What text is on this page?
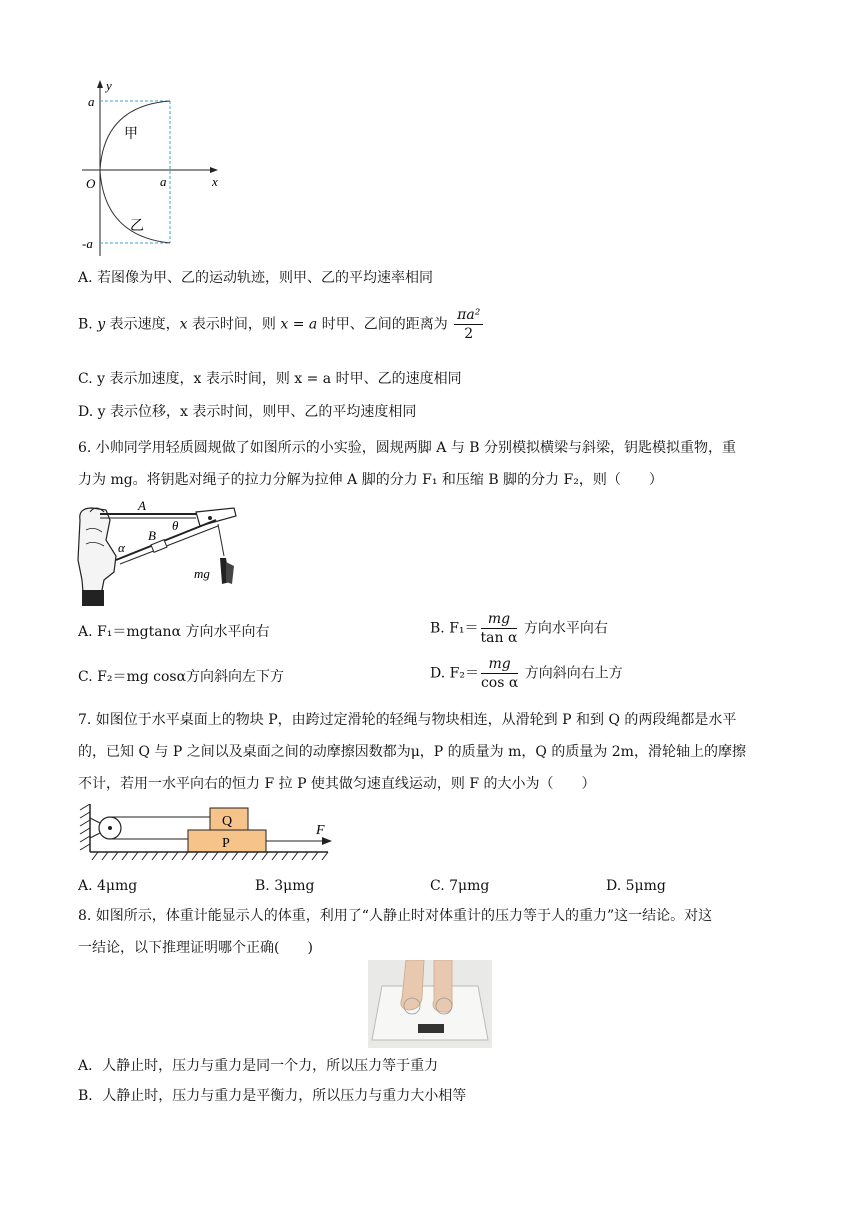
y
x
O
a
-a
a
甲
乙
A. 若图像为甲、乙的运动轨迹，则甲、乙的平均速率相同
B. y 表示速度，x 表示时间，则 x = a 时甲、乙间的距离为 $\frac{\text{πa²}}{2}$
C. y 表示加速度，x 表示时间，则 x = a 时甲、乙的速度相同
D. y 表示位移，x 表示时间，则甲、乙的平均速度相同
6. 小帅同学用轻质圆规做了如图所示的小实验，圆规两脚 A 与 B 分别模拟横梁与斜梁，钥匙模拟重物，重
力为 mg。将钥匙对绳子的拉力分解为拉伸 A 脚的分力 F₁ 和压缩 B 脚的分力 F₂，则（　　）
A
B
θ
α
mg
A. F₁＝mgtanα 方向水平向右	B. $F_1= \frac{mg}{\text{tan α}}$ 方向水平向右
C. F₂＝mg cosα方向斜向左下方	D. $F_2= \frac{mg}{\text{cos α}}$ 方向斜向右上方
7. 如图位于水平桌面上的物块 P，由跨过定滑轮的轻绳与物块相连，从滑轮到 P 和到 Q 的两段绳都是水平
的，已知 Q 与 P 之间以及桌面之间的动摩擦因数都为μ，P 的质量为 m，Q 的质量为 2m，滑轮轴上的摩擦
不计，若用一水平向右的恒力 F 拉 P 使其做匀速直线运动，则 F 的大小为（　　）
Q
P
F
A. 4μmg	B. 3μmg	C. 7μmg	D. 5μmg
8. 如图所示，体重计能显示人的体重，利用了“人静止时对体重计的压力等于人的重力”这一结论。对这
一结论，以下推理证明哪个正确(　　)
A．人静止时，压力与重力是同一个力，所以压力等于重力
B．人静止时，压力与重力是平衡力，所以压力与重力大小相等
